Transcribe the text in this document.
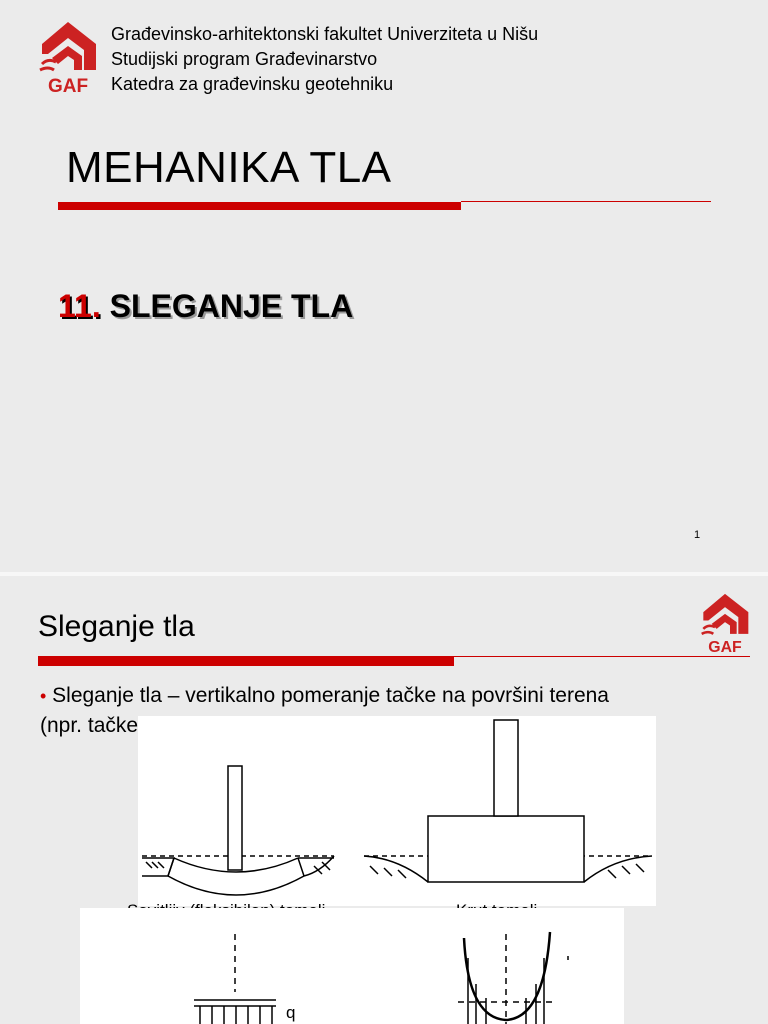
GAF
Građevinsko-arhitektonski fakultet Univerziteta u Nišu
Studijski program Građevinarstvo
Katedra za građevinsku geotehniku
MEHANIKA TLA
11. SLEGANJE TLA
1
Sleganje tla
GAF
• Sleganje tla – vertikalno pomeranje tačke na površini terena
(npr. tačke na kontaktu temelja i tla).
Savitljiv (fleksibilan) temelj	Krut temelj
q
